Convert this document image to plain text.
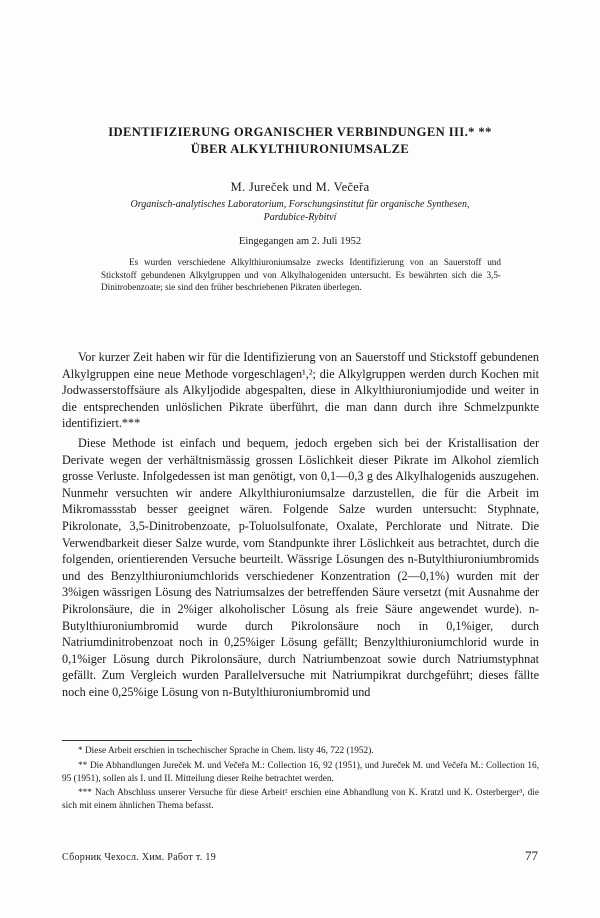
IDENTIFIZIERUNG ORGANISCHER VERBINDUNGEN III.* **
ÜBER ALKYLTHIURONIUMSALZE
M. Jureček und M. Večeřa
Organisch-analytisches Laboratorium, Forschungsinstitut für organische Synthesen,
Pardubice-Rybitví
Eingegangen am 2. Juli 1952
Es wurden verschiedene Alkylthiuroniumsalze zwecks Identifizierung von an Sauerstoff und Stickstoff gebundenen Alkylgruppen und von Alkylhalogeniden untersucht. Es bewährten sich die 3,5-Dinitrobenzoate; sie sind den früher beschriebenen Pikraten überlegen.

Vor kurzer Zeit haben wir für die Identifizierung von an Sauerstoff und Stickstoff gebundenen Alkylgruppen eine neue Methode vorgeschlagen¹,²; die Alkylgruppen werden durch Kochen mit Jodwasserstoffsäure als Alkyljodide abgespalten, diese in Alkylthiuroniumjodide und weiter in die entsprechenden unlöslichen Pikrate überführt, die man dann durch ihre Schmelzpunkte identifiziert.***

Diese Methode ist einfach und bequem, jedoch ergeben sich bei der Kristallisation der Derivate wegen der verhältnismässig grossen Löslichkeit dieser Pikrate im Alkohol ziemlich grosse Verluste. Infolgedessen ist man genötigt, von 0,1—0,3 g des Alkylhalogenids auszugehen. Nunmehr versuchten wir andere Alkylthiuroniumsalze darzustellen, die für die Arbeit im Mikromassstab besser geeignet wären. Folgende Salze wurden untersucht: Styphnate, Pikrolonate, 3,5-Dinitrobenzoate, p-Toluolsulfonate, Oxalate, Perchlorate und Nitrate. Die Verwendbarkeit dieser Salze wurde, vom Standpunkte ihrer Löslichkeit aus betrachtet, durch die folgenden, orientierenden Versuche beurteilt. Wässrige Lösungen des n-Butylthiuroniumbromids und des Benzylthiuroniumchlorids verschiedener Konzentration (2—0,1%) wurden mit der 3%igen wässrigen Lösung des Natriumsalzes der betreffenden Säure versetzt (mit Ausnahme der Pikrolonsäure, die in 2%iger alkoholischer Lösung als freie Säure angewendet wurde). n-Butylthiuroniumbromid wurde durch Pikrolonsäure noch in 0,1%iger, durch Natriumdinitrobenzoat noch in 0,25%iger Lösung gefällt; Benzylthiuroniumchlorid wurde in 0,1%iger Lösung durch Pikrolonsäure, durch Natriumbenzoat sowie durch Natriumstyphnat gefällt. Zum Vergleich wurden Parallelversuche mit Natriumpikrat durchgeführt; dieses fällte noch eine 0,25%ige Lösung von n-Butylthiuroniumbromid und

* Diese Arbeit erschien in tschechischer Sprache in Chem. listy 46, 722 (1952).

** Die Abhandlungen Jureček M. und Večeřa M.: Collection 16, 92 (1951), und Jureček M. und Večeřa M.: Collection 16, 95 (1951), sollen als I. und II. Mitteilung dieser Reihe betrachtet werden.

*** Nach Abschluss unserer Versuche für diese Arbeit² erschien eine Abhandlung von K. Kratzl und K. Osterberger³, die sich mit einem ähnlichen Thema befasst.

Сборник Чехосл. Хим. Работ т. 19	77
